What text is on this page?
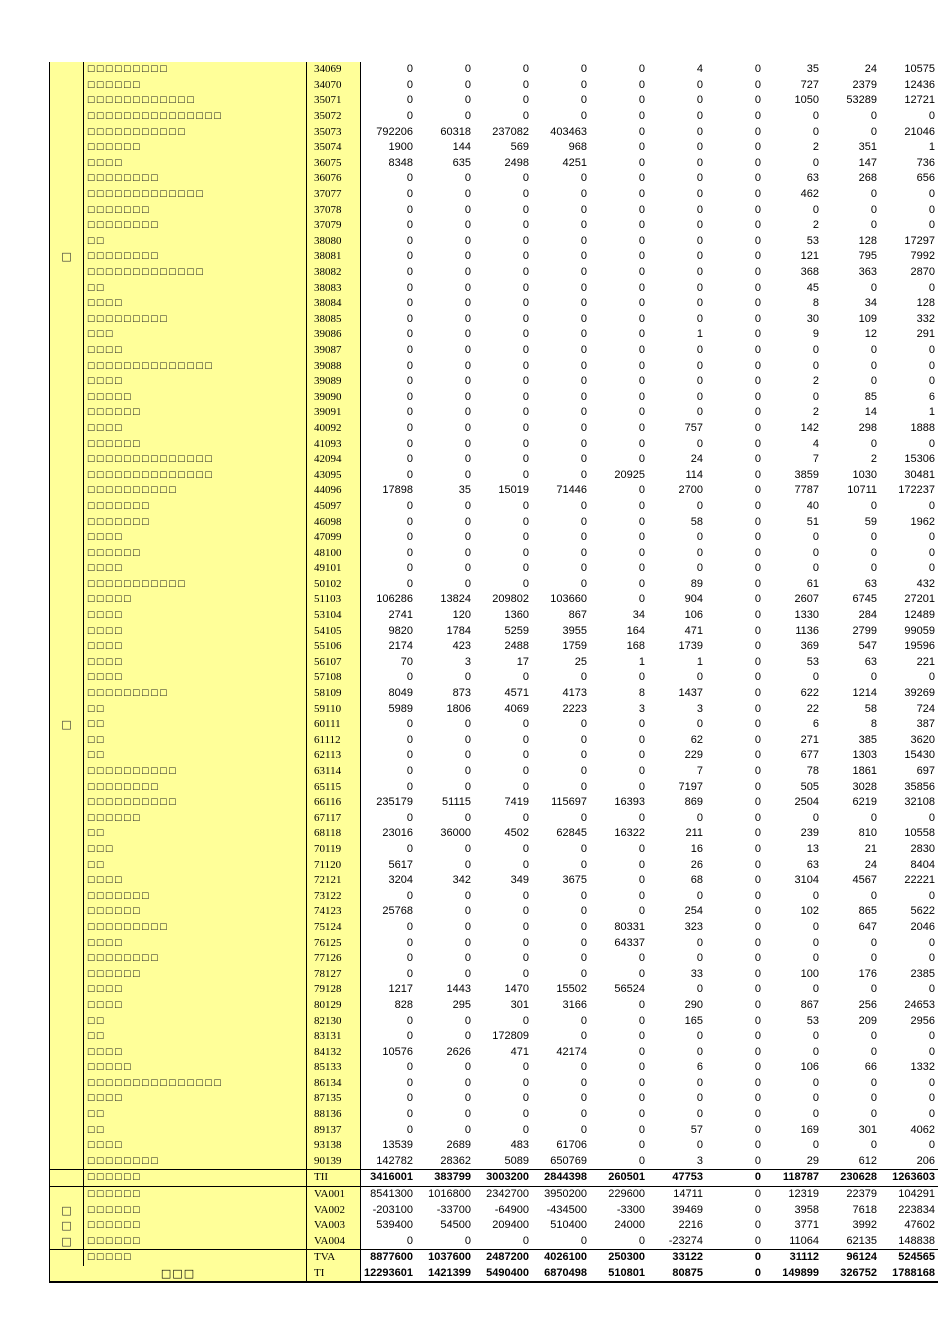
	□□□□□□□□□	34069	0	0	0	0	0	4	0	35	24	10575
	□□□□□□	34070	0	0	0	0	0	0	0	727	2379	12436
	□□□□□□□□□□□□	35071	0	0	0	0	0	0	0	1050	53289	12721
	□□□□□□□□□□□□□□□	35072	0	0	0	0	0	0	0	0	0	0
	□□□□□□□□□□□	35073	792206	60318	237082	403463	0	0	0	0	0	21046
	□□□□□□	35074	1900	144	569	968	0	0	0	2	351	1
	□□□□	36075	8348	635	2498	4251	0	0	0	0	147	736
	□□□□□□□□	36076	0	0	0	0	0	0	0	63	268	656
	□□□□□□□□□□□□□	37077	0	0	0	0	0	0	0	462	0	0
	□□□□□□□	37078	0	0	0	0	0	0	0	0	0	0
	□□□□□□□□	37079	0	0	0	0	0	0	0	2	0	0
	□□	38080	0	0	0	0	0	0	0	53	128	17297
□	□□□□□□□□	38081	0	0	0	0	0	0	0	121	795	7992
	□□□□□□□□□□□□□	38082	0	0	0	0	0	0	0	368	363	2870
	□□	38083	0	0	0	0	0	0	0	45	0	0
	□□□□	38084	0	0	0	0	0	0	0	8	34	128
	□□□□□□□□□	38085	0	0	0	0	0	0	0	30	109	332
	□□□	39086	0	0	0	0	0	1	0	9	12	291
	□□□□	39087	0	0	0	0	0	0	0	0	0	0
	□□□□□□□□□□□□□□	39088	0	0	0	0	0	0	0	0	0	0
	□□□□	39089	0	0	0	0	0	0	0	2	0	0
	□□□□□	39090	0	0	0	0	0	0	0	0	85	6
	□□□□□□	39091	0	0	0	0	0	0	0	2	14	1
	□□□□	40092	0	0	0	0	0	757	0	142	298	1888
	□□□□□□	41093	0	0	0	0	0	0	0	4	0	0
	□□□□□□□□□□□□□□	42094	0	0	0	0	0	24	0	7	2	15306
	□□□□□□□□□□□□□□	43095	0	0	0	0	20925	114	0	3859	1030	30481
	□□□□□□□□□□	44096	17898	35	15019	71446	0	2700	0	7787	10711	172237
	□□□□□□□	45097	0	0	0	0	0	0	0	40	0	0
	□□□□□□□	46098	0	0	0	0	0	58	0	51	59	1962
	□□□□	47099	0	0	0	0	0	0	0	0	0	0
	□□□□□□	48100	0	0	0	0	0	0	0	0	0	0
	□□□□	49101	0	0	0	0	0	0	0	0	0	0
	□□□□□□□□□□□	50102	0	0	0	0	0	89	0	61	63	432
	□□□□□	51103	106286	13824	209802	103660	0	904	0	2607	6745	27201
	□□□□	53104	2741	120	1360	867	34	106	0	1330	284	12489
	□□□□	54105	9820	1784	5259	3955	164	471	0	1136	2799	99059
	□□□□	55106	2174	423	2488	1759	168	1739	0	369	547	19596
	□□□□	56107	70	3	17	25	1	1	0	53	63	221
	□□□□	57108	0	0	0	0	0	0	0	0	0	0
	□□□□□□□□□	58109	8049	873	4571	4173	8	1437	0	622	1214	39269
	□□	59110	5989	1806	4069	2223	3	3	0	22	58	724
□	□□	60111	0	0	0	0	0	0	0	6	8	387
	□□	61112	0	0	0	0	0	62	0	271	385	3620
	□□	62113	0	0	0	0	0	229	0	677	1303	15430
	□□□□□□□□□□	63114	0	0	0	0	0	7	0	78	1861	697
	□□□□□□□□	65115	0	0	0	0	0	7197	0	505	3028	35856
	□□□□□□□□□□	66116	235179	51115	7419	115697	16393	869	0	2504	6219	32108
	□□□□□□	67117	0	0	0	0	0	0	0	0	0	0
	□□	68118	23016	36000	4502	62845	16322	211	0	239	810	10558
	□□□	70119	0	0	0	0	0	16	0	13	21	2830
	□□	71120	5617	0	0	0	0	26	0	63	24	8404
	□□□□	72121	3204	342	349	3675	0	68	0	3104	4567	22221
	□□□□□□□	73122	0	0	0	0	0	0	0	0	0	0
	□□□□□□	74123	25768	0	0	0	0	254	0	102	865	5622
	□□□□□□□□□	75124	0	0	0	0	80331	323	0	0	647	2046
	□□□□	76125	0	0	0	0	64337	0	0	0	0	0
	□□□□□□□□	77126	0	0	0	0	0	0	0	0	0	0
	□□□□□□	78127	0	0	0	0	0	33	0	100	176	2385
	□□□□	79128	1217	1443	1470	15502	56524	0	0	0	0	0
	□□□□	80129	828	295	301	3166	0	290	0	867	256	24653
	□□	82130	0	0	0	0	0	165	0	53	209	2956
	□□	83131	0	0	172809	0	0	0	0	0	0	0
	□□□□	84132	10576	2626	471	42174	0	0	0	0	0	0
	□□□□□	85133	0	0	0	0	0	6	0	106	66	1332
	□□□□□□□□□□□□□□□	86134	0	0	0	0	0	0	0	0	0	0
	□□□□	87135	0	0	0	0	0	0	0	0	0	0
	□□	88136	0	0	0	0	0	0	0	0	0	0
	□□	89137	0	0	0	0	0	57	0	169	301	4062
	□□□□	93138	13539	2689	483	61706	0	0	0	0	0	0
	□□□□□□□□	90139	142782	28362	5089	650769	0	3	0	29	612	206
	□□□□□□	TII	3416001	383799	3003200	2844398	260501	47753	0	118787	230628	1263603
	□□□□□□	VA001	8541300	1016800	2342700	3950200	229600	14711	0	12319	22379	104291
□	□□□□□□	VA002	-203100	-33700	-64900	-434500	-3300	39469	0	3958	7618	223834
□	□□□□□□	VA003	539400	54500	209400	510400	24000	2216	0	3771	3992	47602
□	□□□□□□	VA004	0	0	0	0	0	-23274	0	11064	62135	148838
	□□□□□	TVA	8877600	1037600	2487200	4026100	250300	33122	0	31112	96124	524565
□□□		TI	12293601	1421399	5490400	6870498	510801	80875	0	149899	326752	1788168
